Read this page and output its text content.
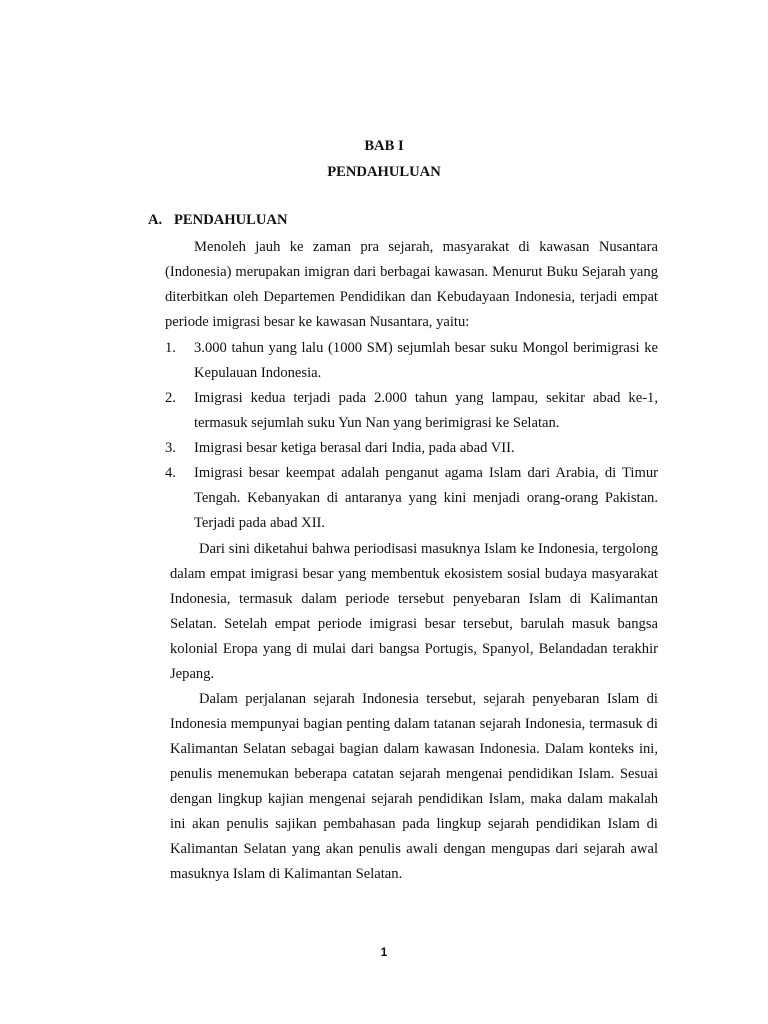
BAB I
PENDAHULUAN
A. PENDAHULUAN

Menoleh jauh ke zaman pra sejarah, masyarakat di kawasan Nusantara (Indonesia) merupakan imigran dari berbagai kawasan. Menurut Buku Sejarah yang diterbitkan oleh Departemen Pendidikan dan Kebudayaan Indonesia, terjadi empat periode imigrasi besar ke kawasan Nusantara, yaitu:

1. 3.000 tahun yang lalu (1000 SM) sejumlah besar suku Mongol berimigrasi ke Kepulauan Indonesia.
2. Imigrasi kedua terjadi pada 2.000 tahun yang lampau, sekitar abad ke-1, termasuk sejumlah suku Yun Nan yang berimigrasi ke Selatan.
3. Imigrasi besar ketiga berasal dari India, pada abad VII.
4. Imigrasi besar keempat adalah penganut agama Islam dari Arabia, di Timur Tengah. Kebanyakan di antaranya yang kini menjadi orang-orang Pakistan. Terjadi pada abad XII.

Dari sini diketahui bahwa periodisasi masuknya Islam ke Indonesia, tergolong dalam empat imigrasi besar yang membentuk ekosistem sosial budaya masyarakat Indonesia, termasuk dalam periode tersebut penyebaran Islam di Kalimantan Selatan. Setelah empat periode imigrasi besar tersebut, barulah masuk bangsa kolonial Eropa yang di mulai dari bangsa Portugis, Spanyol, Belandadan terakhir Jepang.

Dalam perjalanan sejarah Indonesia tersebut, sejarah penyebaran Islam di Indonesia mempunyai bagian penting dalam tatanan sejarah Indonesia, termasuk di Kalimantan Selatan sebagai bagian dalam kawasan Indonesia. Dalam konteks ini, penulis menemukan beberapa catatan sejarah mengenai pendidikan Islam. Sesuai dengan lingkup kajian mengenai sejarah pendidikan Islam, maka dalam makalah ini akan penulis sajikan pembahasan pada lingkup sejarah pendidikan Islam di Kalimantan Selatan yang akan penulis awali dengan mengupas dari sejarah awal masuknya Islam di Kalimantan Selatan.

1
